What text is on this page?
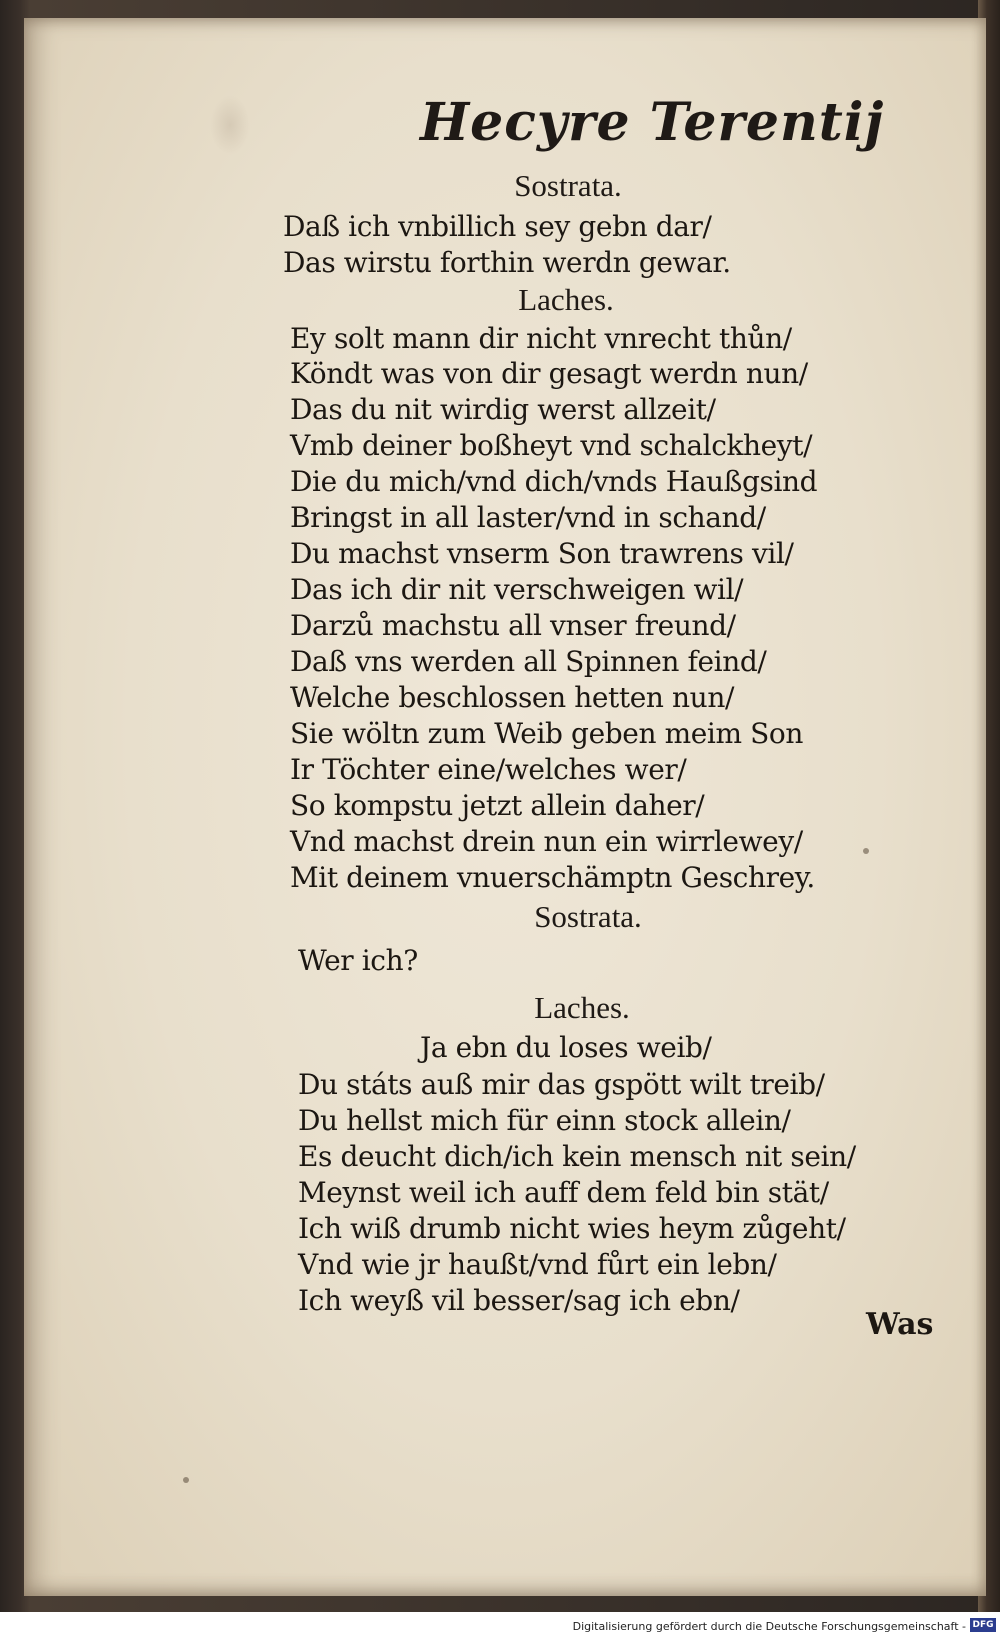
Hecyre Terentij
Sostrata.
Daß ich vnbillich sey gebn dar/
Das wirstu forthin werdn gewar.
Laches.
Ey solt mann dir nicht vnrecht thůn/
Köndt was von dir gesagt werdn nun/
Das du nit wirdig werst allzeit/
Vmb deiner boßheyt vnd schalckheyt/
Die du mich/vnd dich/vnds Haußgsind
Bringst in all laster/vnd in schand/
Du machst vnserm Son trawrens vil/
Das ich dir nit verschweigen wil/
Darzů machstu all vnser freund/
Daß vns werden all Spinnen feind/
Welche beschlossen hetten nun/
Sie wöltn zum Weib geben meim Son
Ir Töchter eine/welches wer/
So kompstu jetzt allein daher/
Vnd machst drein nun ein wirrlewey/
Mit deinem vnuerschämptn Geschrey.
Sostrata.
Wer ich?
Laches.
Ja ebn du loses weib/
Du státs auß mir das gspött wilt treib/
Du hellst mich für einn stock allein/
Es deucht dich/ich kein mensch nit sein/
Meynst weil ich auff dem feld bin stät/
Ich wiß drumb nicht wies heym zůgeht/
Vnd wie jr haußt/vnd fůrt ein lebn/
Ich weyß vil besser/sag ich ebn/
Was
Digitalisierung gefördert durch die Deutsche Forschungsgemeinschaft - DFG
